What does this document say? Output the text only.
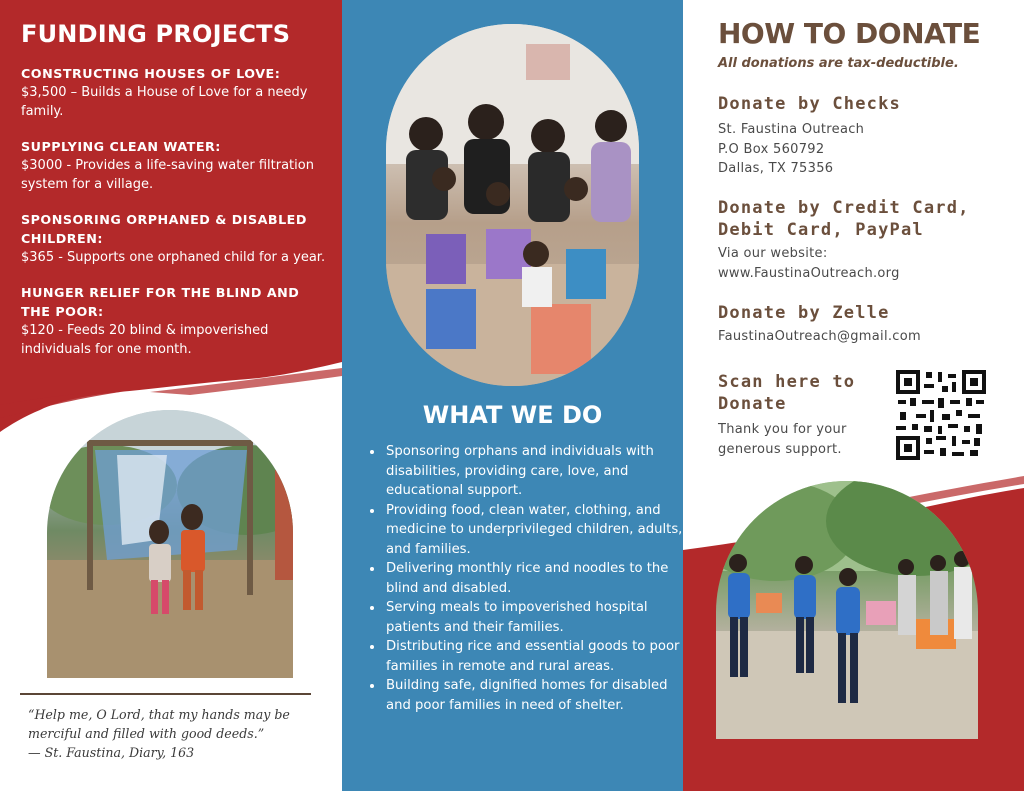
FUNDING PROJECTS
CONSTRUCTING HOUSES OF LOVE:
$3,500 – Builds a House of Love for a needy family.
SUPPLYING CLEAN WATER:
$3000 - Provides a life-saving water filtration system for a village.
SPONSORING ORPHANED & DISABLED CHILDREN:
$365 - Supports one orphaned child for a year.
HUNGER RELIEF FOR THE BLIND AND THE POOR:
$120 - Feeds 20 blind & impoverished individuals for one month.
“Help me, O Lord, that my hands may be merciful and filled with good deeds.”
— St. Faustina, Diary, 163
WHAT WE DO
• Sponsoring orphans and individuals with disabilities, providing care, love, and educational support.
• Providing food, clean water, clothing, and medicine to underprivileged children, adults, and families.
• Delivering monthly rice and noodles to the blind and disabled.
• Serving meals to impoverished hospital patients and their families.
• Distributing rice and essential goods to poor families in remote and rural areas.
• Building safe, dignified homes for disabled and poor families in need of shelter.
HOW TO DONATE
All donations are tax-deductible.
Donate by Checks
St. Faustina Outreach
P.O Box 560792
Dallas, TX 75356
Donate by Credit Card,
Debit Card, PayPal
Via our website:
www.FaustinaOutreach.org
Donate by Zelle
FaustinaOutreach@gmail.com
Scan here to
Donate
Thank you for your
generous support.
